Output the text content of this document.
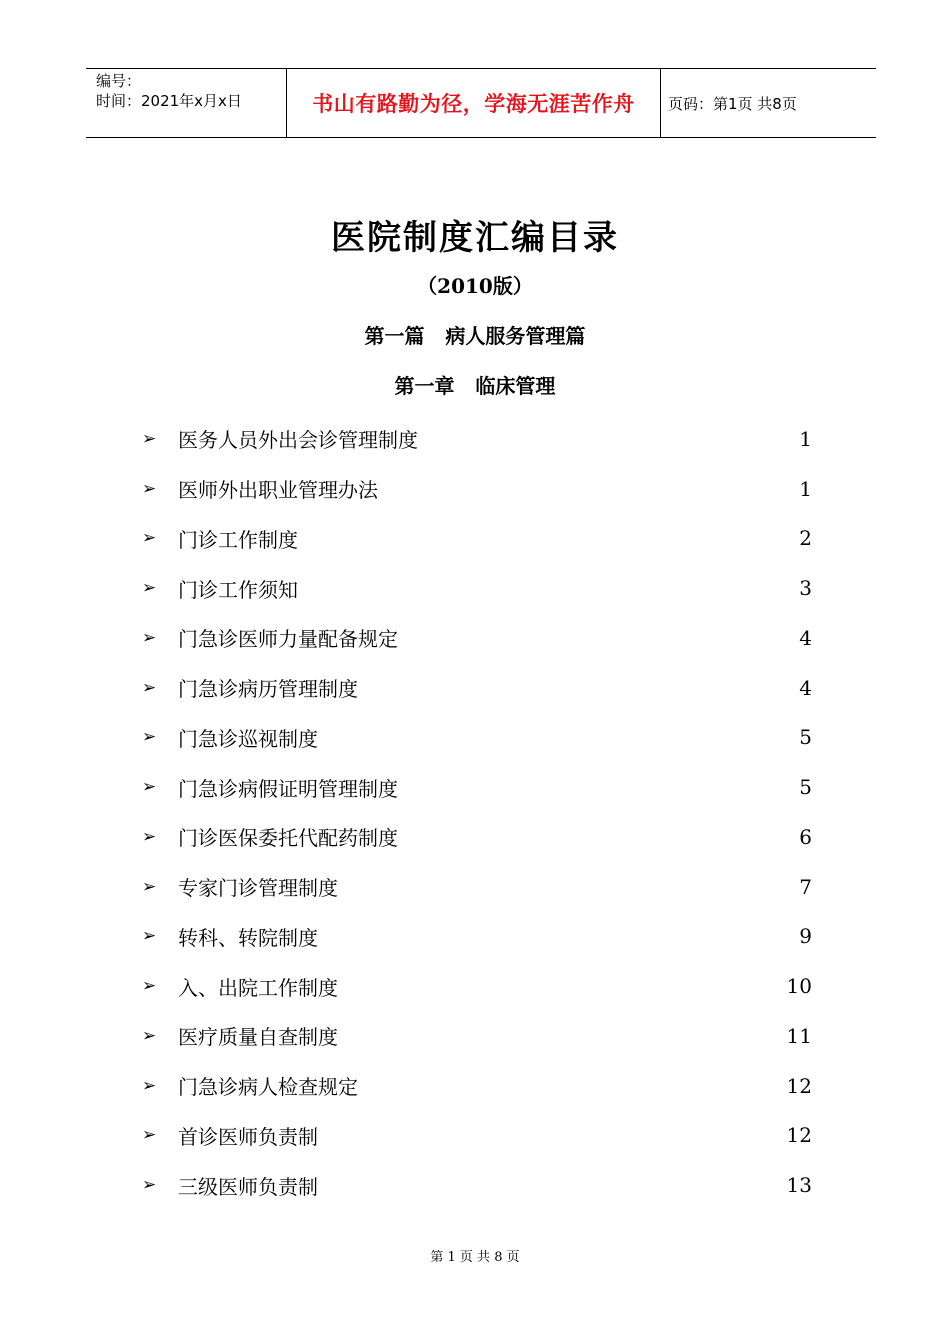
编号：
时间：2021年x月x日	书山有路勤为径，学海无涯苦作舟	页码：第1页 共8页
医院制度汇编目录
（2010版）
第一篇   病人服务管理篇
第一章   临床管理
➢	医务人员外出会诊管理制度	1
➢	医师外出职业管理办法	1
➢	门诊工作制度	2
➢	门诊工作须知	3
➢	门急诊医师力量配备规定	4
➢	门急诊病历管理制度	4
➢	门急诊巡视制度	5
➢	门急诊病假证明管理制度	5
➢	门诊医保委托代配药制度	6
➢	专家门诊管理制度	7
➢	转科、转院制度	9
➢	入、出院工作制度	10
➢	医疗质量自查制度	11
➢	门急诊病人检查规定	12
➢	首诊医师负责制	12
➢	三级医师负责制	13
第 1 页 共 8 页
